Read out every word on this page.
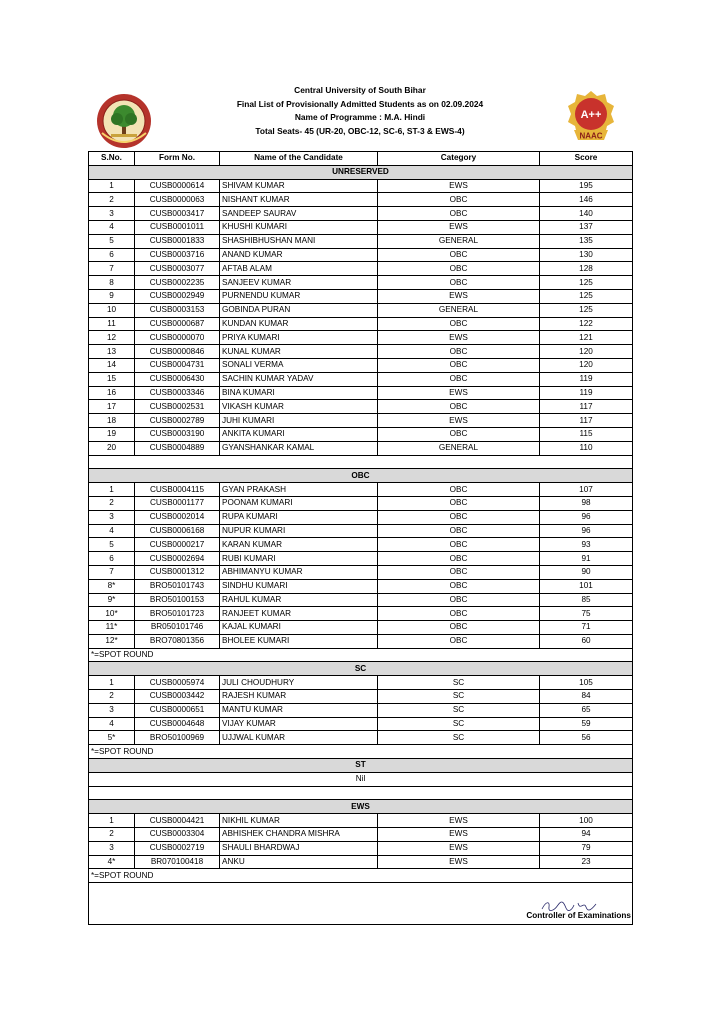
A++
NAAC
Central University of South Bihar
Final List of Provisionally Admitted Students as on 02.09.2024
Name of Programme : M.A. Hindi
Total Seats- 45 (UR-20, OBC-12, SC-6, ST-3 & EWS-4)
S.No.	Form No.	Name of the Candidate	Category	Score
UNRESERVED				
1	CUSB0000614	SHIVAM KUMAR	EWS	195
2	CUSB0000063	NISHANT KUMAR	OBC	146
3	CUSB0003417	SANDEEP SAURAV	OBC	140
4	CUSB0001011	KHUSHI KUMARI	EWS	137
5	CUSB0001833	SHASHIBHUSHAN MANI	GENERAL	135
6	CUSB0003716	ANAND KUMAR	OBC	130
7	CUSB0003077	AFTAB ALAM	OBC	128
8	CUSB0002235	SANJEEV KUMAR	OBC	125
9	CUSB0002949	PURNENDU KUMAR	EWS	125
10	CUSB0003153	GOBINDA PURAN	GENERAL	125
11	CUSB0000687	KUNDAN KUMAR	OBC	122
12	CUSB0000070	PRIYA KUMARI	EWS	121
13	CUSB0000846	KUNAL KUMAR	OBC	120
14	CUSB0004731	SONALI VERMA	OBC	120
15	CUSB0006430	SACHIN KUMAR YADAV	OBC	119
16	CUSB0003346	BINA KUMARI	EWS	119
17	CUSB0002531	VIKASH KUMAR	OBC	117
18	CUSB0002789	JUHI KUMARI	EWS	117
19	CUSB0003190	ANKITA KUMARI	OBC	115
20	CUSB0004889	GYANSHANKAR KAMAL	GENERAL	110

OBC				
1	CUSB0004115	GYAN PRAKASH	OBC	107
2	CUSB0001177	POONAM KUMARI	OBC	98
3	CUSB0002014	RUPA KUMARI	OBC	96
4	CUSB0006168	NUPUR KUMARI	OBC	96
5	CUSB0000217	KARAN KUMAR	OBC	93
6	CUSB0002694	RUBI KUMARI	OBC	91
7	CUSB0001312	ABHIMANYU KUMAR	OBC	90
8*	BRO50101743	SINDHU KUMARI	OBC	101
9*	BRO50100153	RAHUL KUMAR	OBC	85
10*	BRO50101723	RANJEET KUMAR	OBC	75
11*	BR050101746	KAJAL KUMARI	OBC	71
12*	BRO70801356	BHOLEE KUMARI	OBC	60
*=SPOT ROUND				
SC				
1	CUSB0005974	JULI CHOUDHURY	SC	105
2	CUSB0003442	RAJESH KUMAR	SC	84
3	CUSB0000651	MANTU KUMAR	SC	65
4	CUSB0004648	VIJAY KUMAR	SC	59
5*	BRO50100969	UJJWAL KUMAR	SC	56
*=SPOT ROUND				
ST				
Nil				

EWS				
1	CUSB0004421	NIKHIL KUMAR	EWS	100
2	CUSB0003304	ABHISHEK CHANDRA MISHRA	EWS	94
3	CUSB0002719	SHAULI BHARDWAJ	EWS	79
4*	BR070100418	ANKU	EWS	23
*=SPOT ROUND				
Controller of Examinations				
